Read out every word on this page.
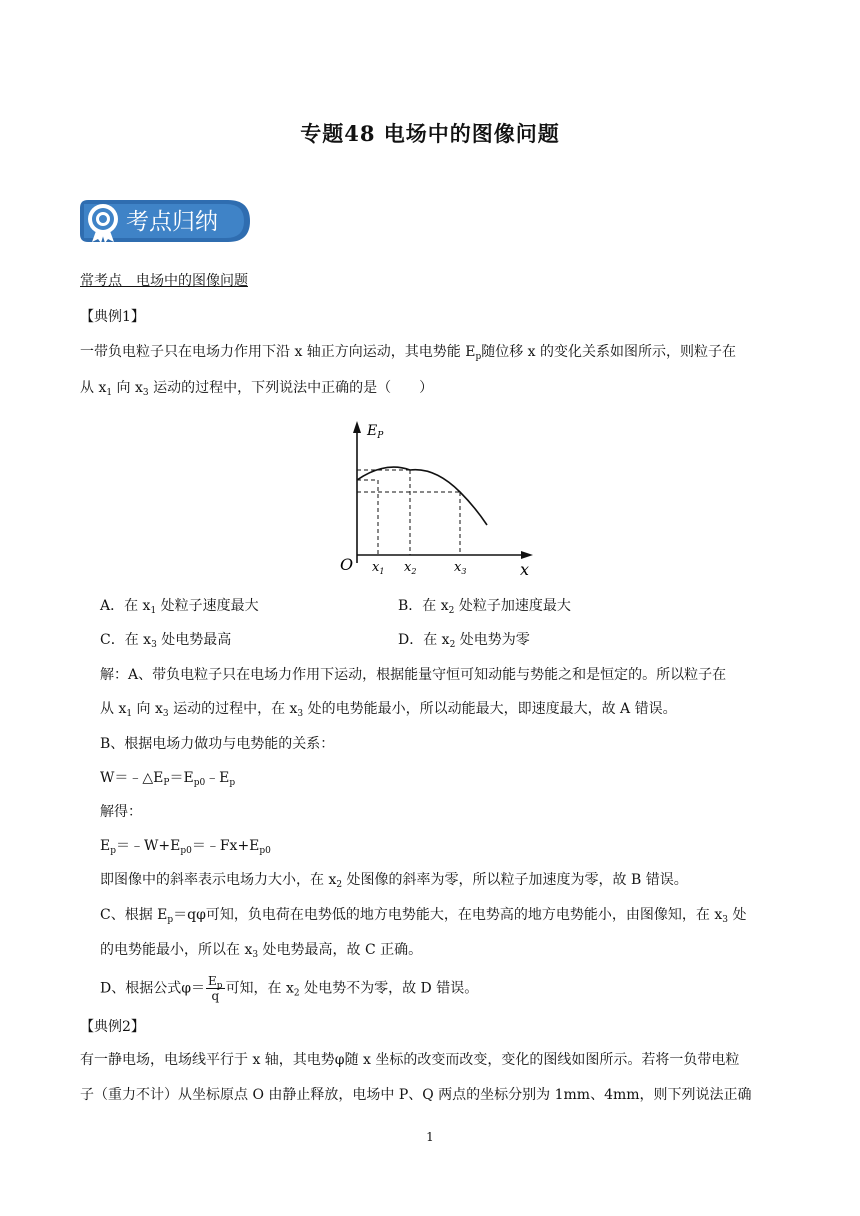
专题48 电场中的图像问题
考点归纳
常考点　电场中的图像问题
【典例1】
一带负电粒子只在电场力作用下沿 x 轴正方向运动，其电势能 $E_p$随位移 x 的变化关系如图所示，则粒子在
从 $x_1$ 向 $x_3$ 运动的过程中，下列说法中正确的是（　　）
$E_P$
x
O $x_1$ $x_2$	$x_3$
A．在 $x_1$ 处粒子速度最大	B．在 $x_2$ 处粒子加速度最大
C．在 $x_3$ 处电势最高	D．在 $x_2$ 处电势为零
解：A、带负电粒子只在电场力作用下运动，根据能量守恒可知动能与势能之和是恒定的。所以粒子在
从 $x_1$ 向 $x_3$ 运动的过程中，在 $x_3$ 处的电势能最小，所以动能最大，即速度最大，故 A 错误。
B、根据电场力做功与电势能的关系：
$W=﹣\triangle E_P=E_{p0}﹣E_p$
解得：
$E_p=﹣W+E_{p0}=﹣Fx+E_{p0}$
即图像中的斜率表示电场力大小，在 $x_2$ 处图像的斜率为零，所以粒子加速度为零，故 B 错误。
C、根据 $E_p=q\varphi$可知，负电荷在电势低的地方电势能大，在电势高的地方电势能小，由图像知，在 $x_3$ 处
的电势能最小，所以在 $x_3$ 处电势最高，故 C 正确。
D、根据公式$\varphi= \frac{E_p}{q}$ 可知，在 $x_2$ 处电势不为零，故 D 错误。
【典例2】
有一静电场，电场线平行于 x 轴，其电势φ随 x 坐标的改变而改变，变化的图线如图所示。若将一负带电粒
子（重力不计）从坐标原点 O 由静止释放，电场中 P、Q 两点的坐标分别为 1mm、4mm，则下列说法正确
1
